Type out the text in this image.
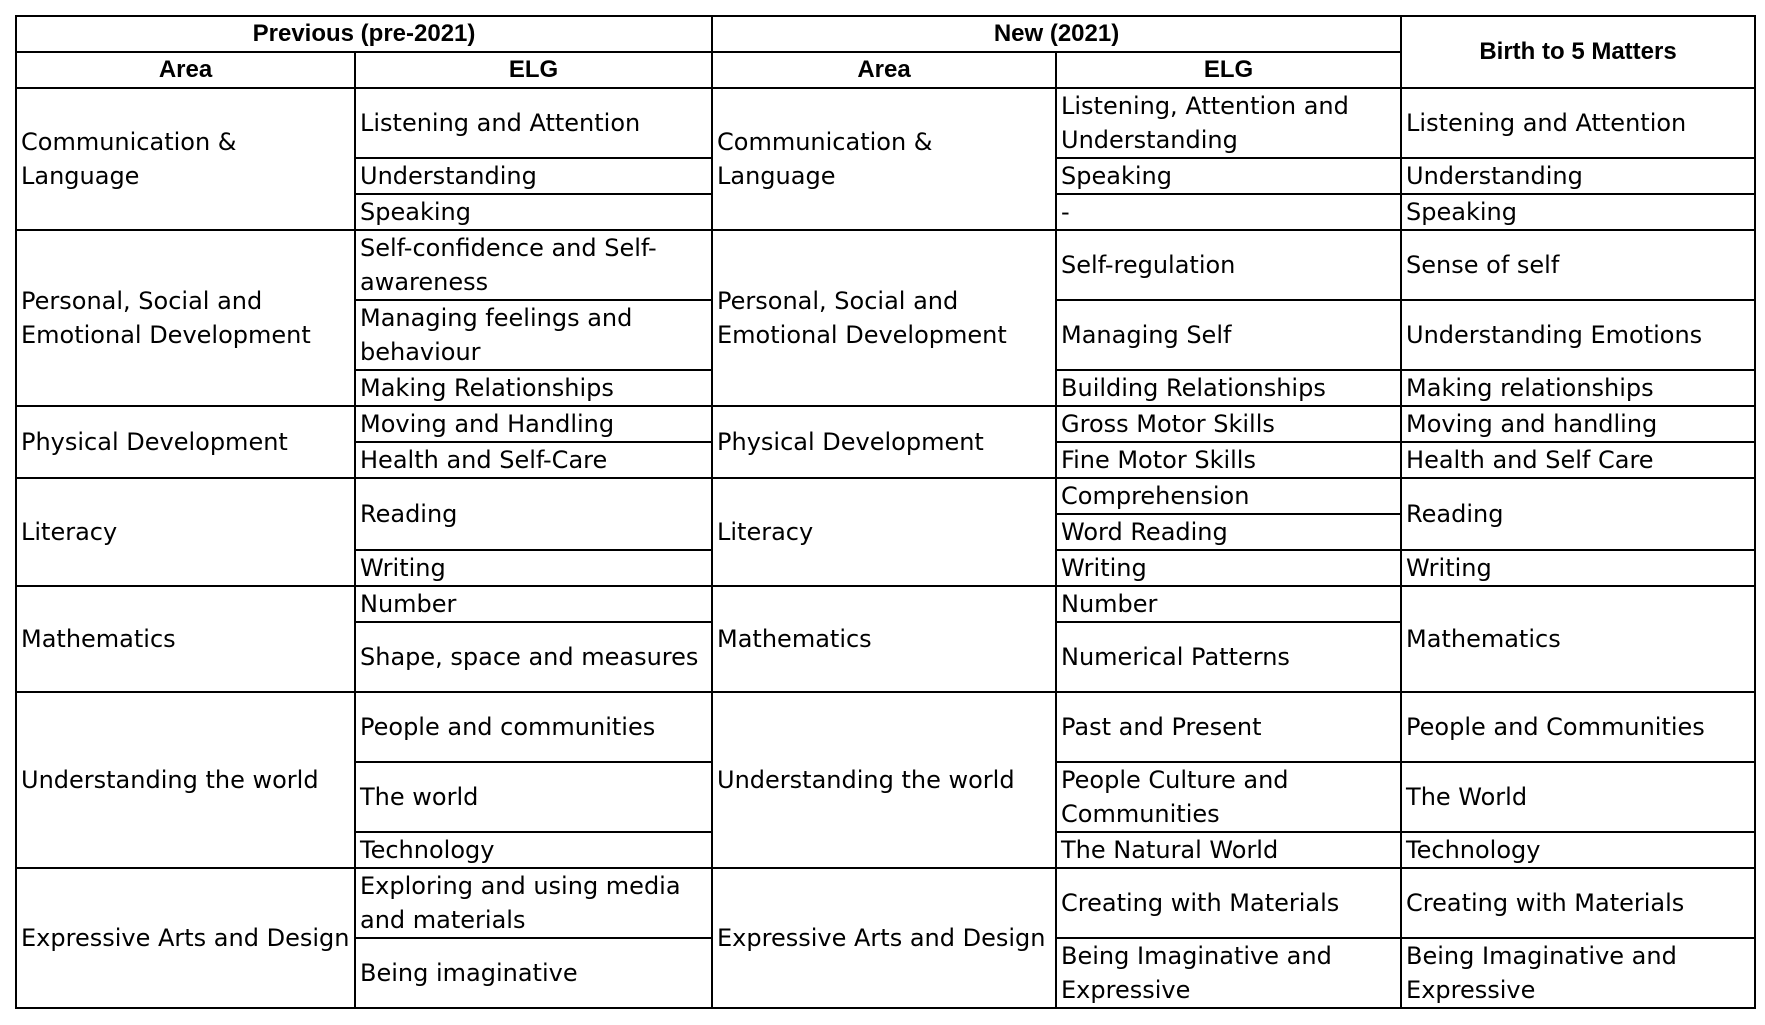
Previous (pre-2021)		New (2021)		Birth to 5 Matters
Area	ELG	Area	ELG	
Communication & Language	Listening and Attention	Communication & Language	Listening, Attention and Understanding	Listening and Attention
	Understanding		Speaking	Understanding
	Speaking		-	Speaking
Personal, Social and Emotional Development	Self-confidence and Self-awareness	Personal, Social and Emotional Development	Self-regulation	Sense of self
	Managing feelings and behaviour		Managing Self	Understanding Emotions
	Making Relationships		Building Relationships	Making relationships
Physical Development	Moving and Handling	Physical Development	Gross Motor Skills	Moving and handling
	Health and Self-Care		Fine Motor Skills	Health and Self Care
Literacy	Reading	Literacy	Comprehension	Reading
			Word Reading	
	Writing		Writing	Writing
Mathematics	Number	Mathematics	Number	Mathematics
	Shape, space and measures		Numerical Patterns	
Understanding the world	People and communities	Understanding the world	Past and Present	People and Communities
	The world		People Culture and Communities	The World
	Technology		The Natural World	Technology
Expressive Arts and Design	Exploring and using media and materials	Expressive Arts and Design	Creating with Materials	Creating with Materials
	Being imaginative		Being Imaginative and Expressive	Being Imaginative and Expressive
